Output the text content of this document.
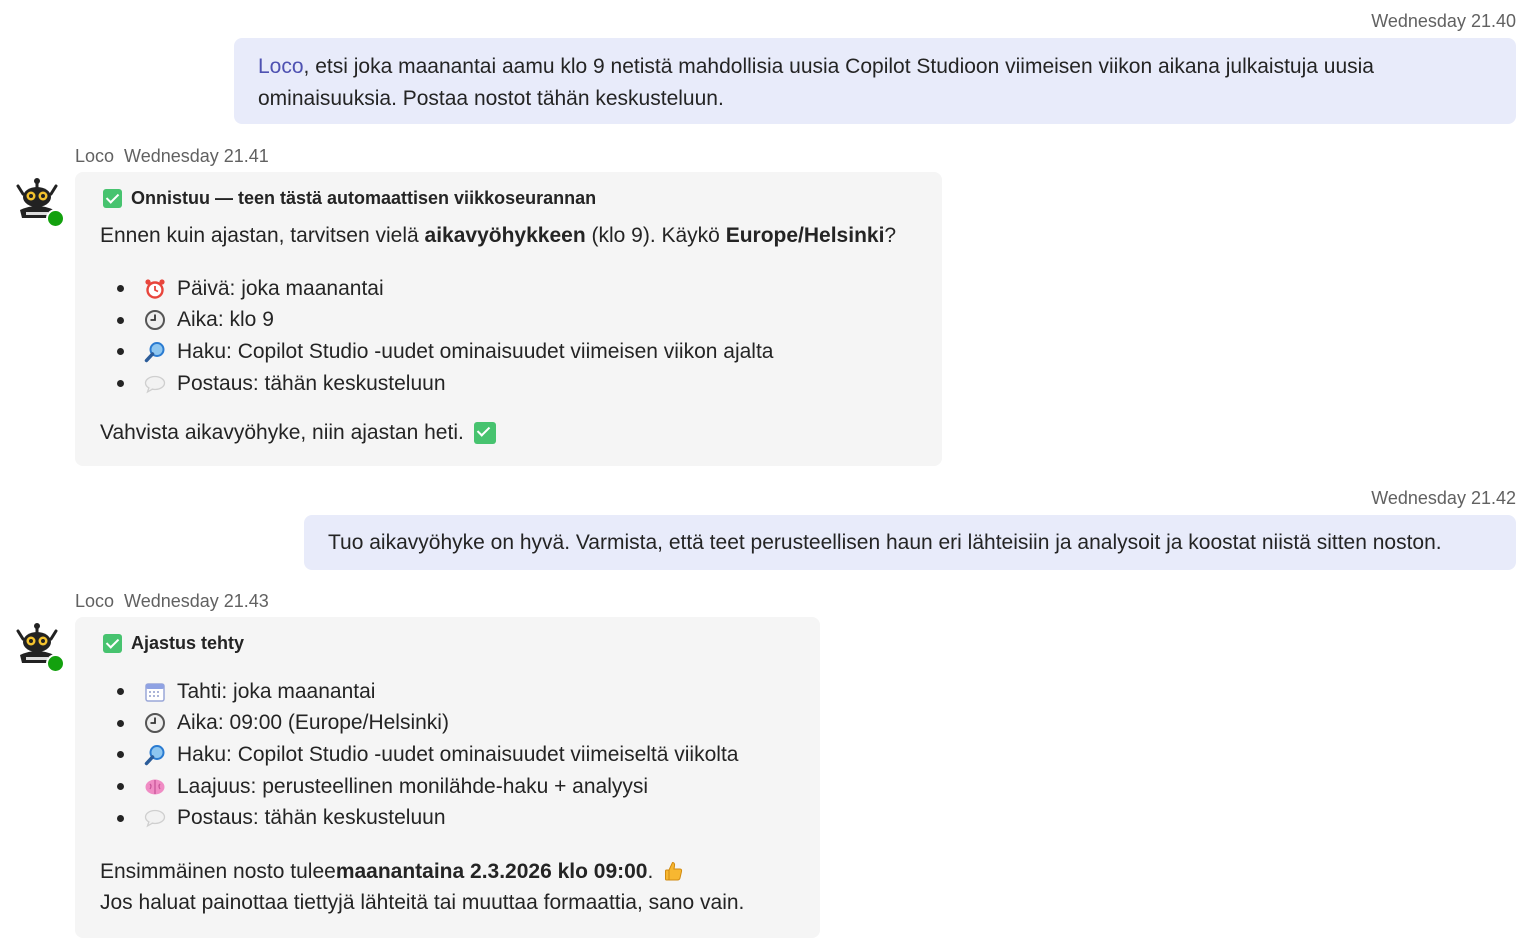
Wednesday 21.40
Loco, etsi joka maanantai aamu klo 9 netistä mahdollisia uusia Copilot Studioon viimeisen viikon aikana julkaistuja uusia ominaisuuksia. Postaa nostot tähän keskusteluun.
Loco Wednesday 21.41
Onnistuu — teen tästä automaattisen viikkoseurannan
Ennen kuin ajastan, tarvitsen vielä aikavyöhykkeen (klo 9). Käykö Europe/Helsinki?
Päivä: joka maanantai
Aika: klo 9
Haku: Copilot Studio -uudet ominaisuudet viimeisen viikon ajalta
Postaus: tähän keskusteluun
Vahvista aikavyöhyke, niin ajastan heti.
Wednesday 21.42
Tuo aikavyöhyke on hyvä. Varmista, että teet perusteellisen haun eri lähteisiin ja analysoit ja koostat niistä sitten noston.
Loco Wednesday 21.43
Ajastus tehty
Tahti: joka maanantai
Aika: 09:00 (Europe/Helsinki)
Haku: Copilot Studio -uudet ominaisuudet viimeiseltä viikolta
Laajuus: perusteellinen monilähde-haku + analyysi
Postaus: tähän keskusteluun
Ensimmäinen nosto tulee maanantaina 2.3.2026 klo 09:00 .
Jos haluat painottaa tiettyjä lähteitä tai muuttaa formaattia, sano vain.
